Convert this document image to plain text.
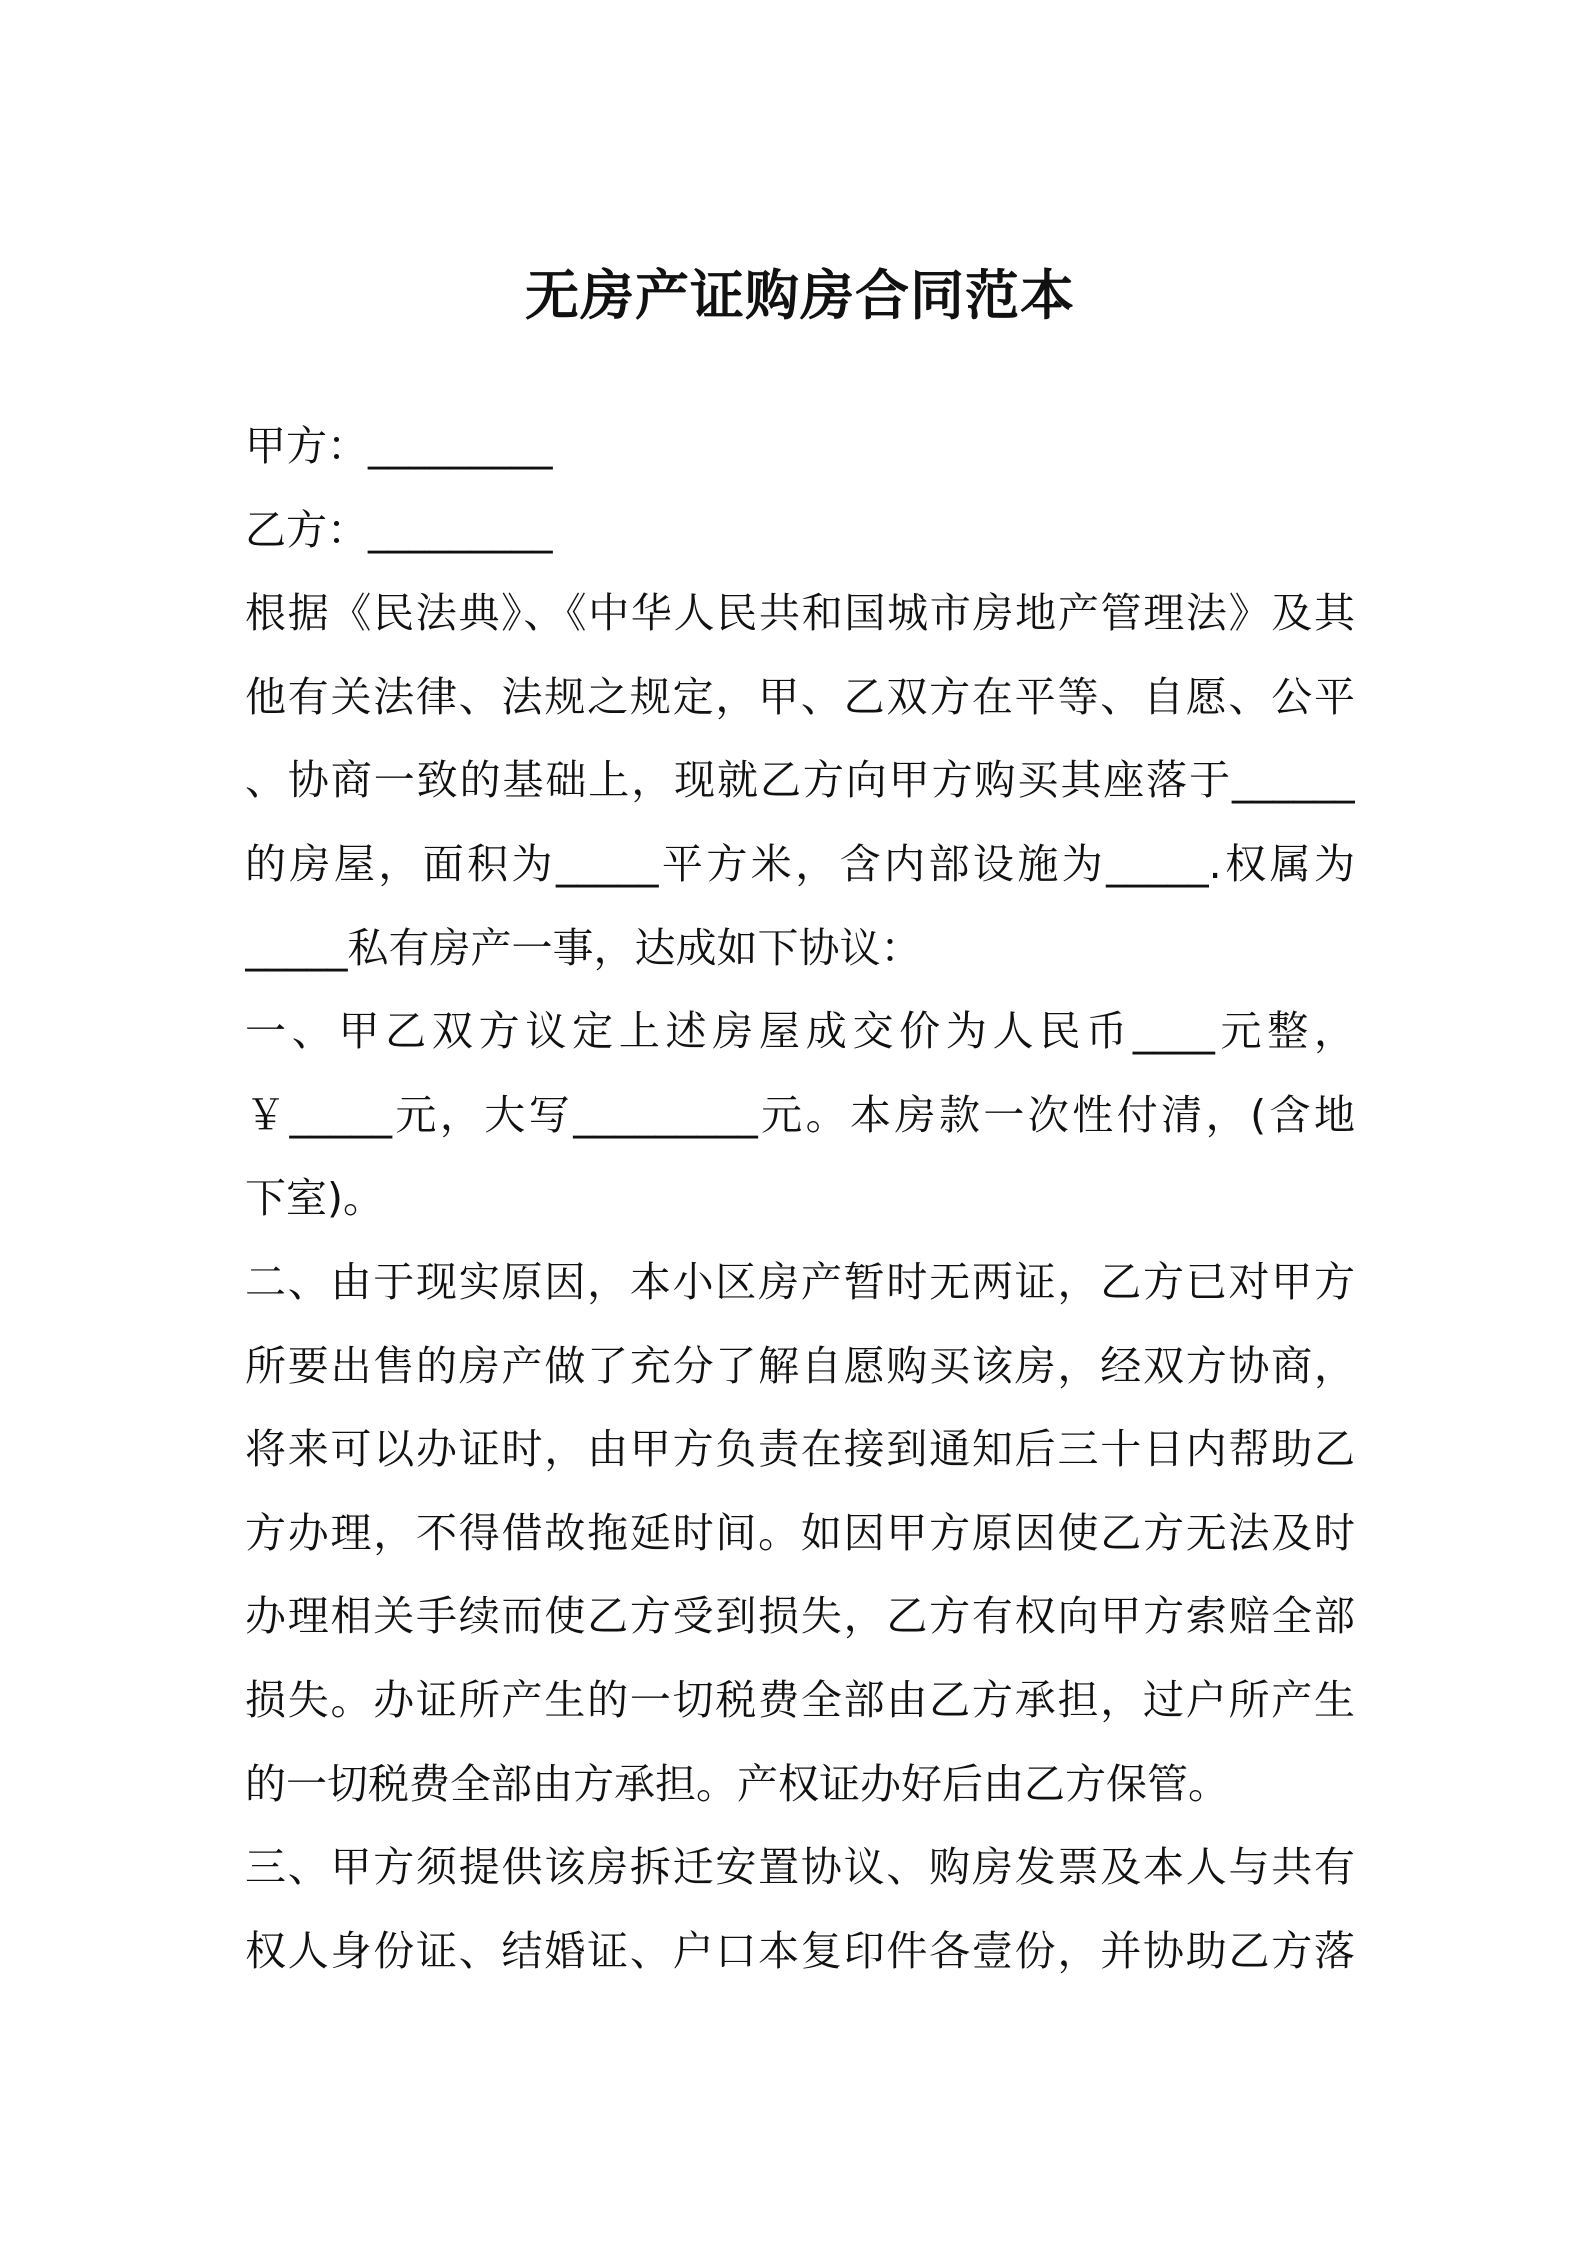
无房产证购房合同范本
甲方：_________
乙方：_________
根据《民法典》、《中华人民共和国城市房地产管理法》及其
他有关法律、法规之规定，甲、乙双方在平等、自愿、公平
、协商一致的基础上，现就乙方向甲方购买其座落于______
的房屋，面积为_____平方米，含内部设施为_____.权属为
_____私有房产一事，达成如下协议：
一、甲乙双方议定上述房屋成交价为人民币____元整，
￥_____元，大写_________元。本房款一次性付清，(含地
下室)。
二、由于现实原因，本小区房产暂时无两证，乙方已对甲方
所要出售的房产做了充分了解自愿购买该房，经双方协商，
将来可以办证时，由甲方负责在接到通知后三十日内帮助乙
方办理，不得借故拖延时间。如因甲方原因使乙方无法及时
办理相关手续而使乙方受到损失，乙方有权向甲方索赔全部
损失。办证所产生的一切税费全部由乙方承担，过户所产生
的一切税费全部由方承担。产权证办好后由乙方保管。
三、甲方须提供该房拆迁安置协议、购房发票及本人与共有
权人身份证、结婚证、户口本复印件各壹份，并协助乙方落
